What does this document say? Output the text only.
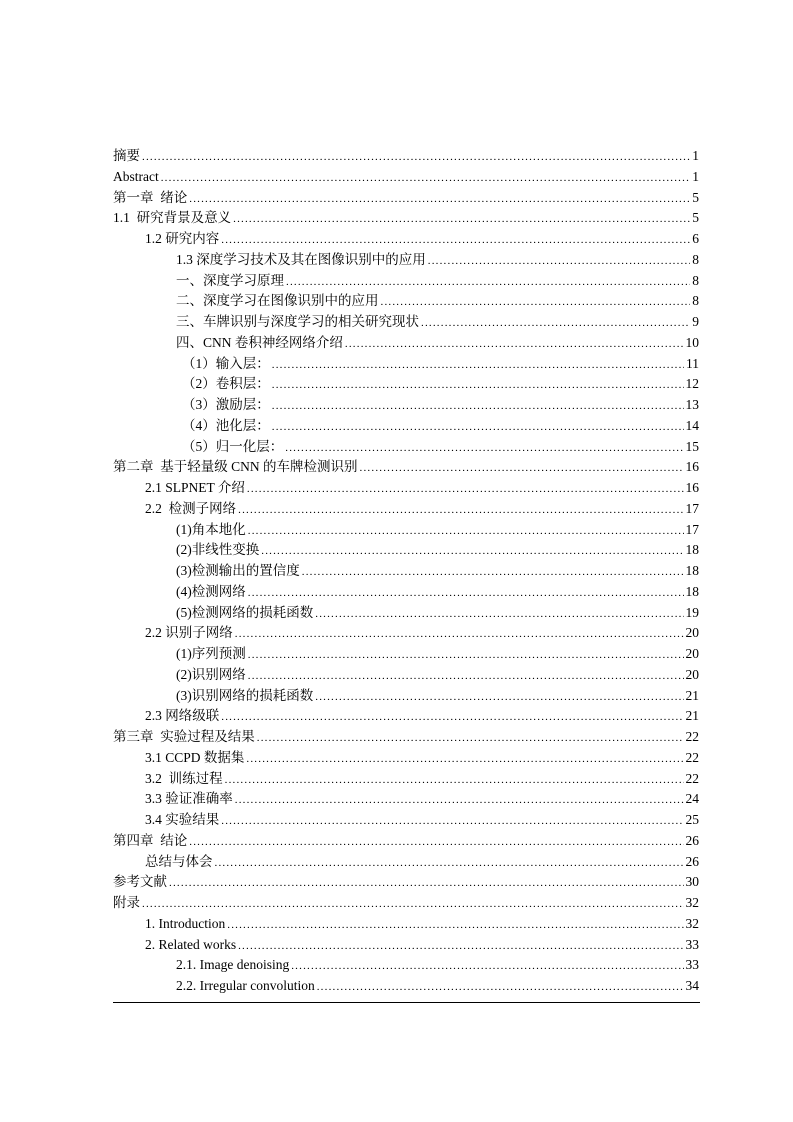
摘要 .....	1
Abstract .....	1
第一章  绪论 .....	5
1.1  研究背景及意义 .....	5
1.2 研究内容 .....	6
1.3 深度学习技术及其在图像识别中的应用 .....	8
一、深度学习原理 .....	8
二、深度学习在图像识别中的应用 .....	8
三、车牌识别与深度学习的相关研究现状 .....	9
四、CNN 卷积神经网络介绍 .....	10
（1）输入层： .....	11
（2）卷积层： .....	12
（3）激励层： .....	13
（4）池化层： .....	14
（5）归一化层： .....	15
第二章  基于轻量级 CNN 的车牌检测识别 .....	16
2.1 SLPNET 介绍 .....	16
2.2  检测子网络 .....	17
(1)角本地化 .....	17
(2)非线性变换 .....	18
(3)检测输出的置信度 .....	18
(4)检测网络 .....	18
(5)检测网络的损耗函数 .....	19
2.2 识别子网络 .....	20
(1)序列预测 .....	20
(2)识别网络 .....	20
(3)识别网络的损耗函数 .....	21
2.3 网络级联 .....	21
第三章  实验过程及结果 .....	22
3.1 CCPD 数据集 .....	22
3.2  训练过程 .....	22
3.3 验证准确率 .....	24
3.4 实验结果 .....	25
第四章  结论 .....	26
总结与体会 .....	26
参考文献 .....	30
附录 .....	32
1. Introduction .....	32
2. Related works .....	33
2.1. Image denoising .....	33
2.2. Irregular convolution .....	34
